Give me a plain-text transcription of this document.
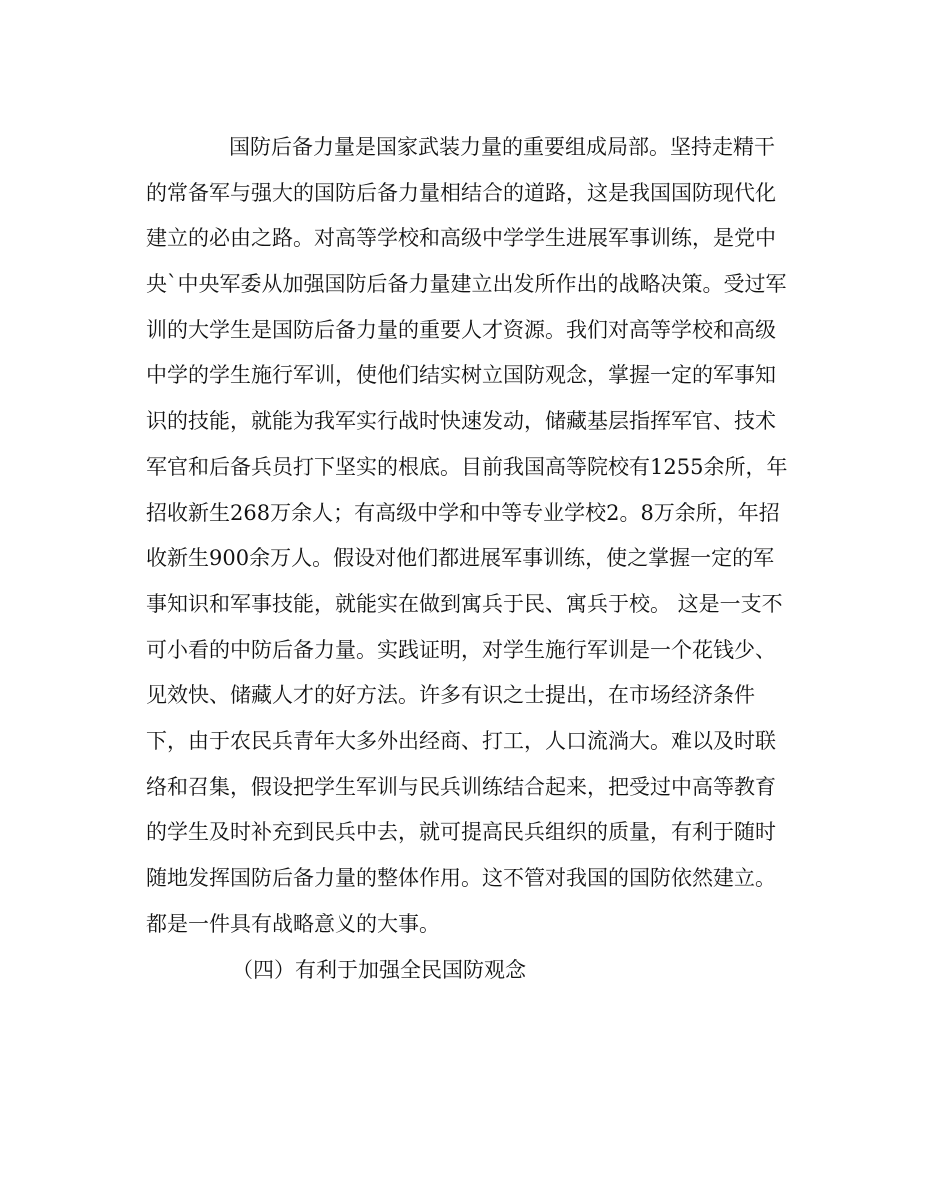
国防后备力量是国家武装力量的重要组成局部。坚持走精干
的常备军与强大的国防后备力量相结合的道路，这是我国国防现代化
建立的必由之路。对高等学校和高级中学学生进展军事训练，是党中
央`中央军委从加强国防后备力量建立出发所作出的战略决策。受过军
训的大学生是国防后备力量的重要人才资源。我们对高等学校和高级
中学的学生施行军训，使他们结实树立国防观念，掌握一定的军事知
识的技能，就能为我军实行战时快速发动，储藏基层指挥军官、技术
军官和后备兵员打下坚实的根底。目前我国高等院校有1255余所，年
招收新生268万余人；有高级中学和中等专业学校2。8万余所，年招
收新生900余万人。假设对他们都进展军事训练，使之掌握一定的军
事知识和军事技能，就能实在做到寓兵于民、寓兵于校。 这是一支不
可小看的中防后备力量。实践证明，对学生施行军训是一个花钱少、
见效快、储藏人才的好方法。许多有识之士提出，在市场经济条件
下，由于农民兵青年大多外出经商、打工，人口流淌大。难以及时联
络和召集，假设把学生军训与民兵训练结合起来，把受过中高等教育
的学生及时补充到民兵中去，就可提高民兵组织的质量，有利于随时
随地发挥国防后备力量的整体作用。这不管对我国的国防依然建立。
都是一件具有战略意义的大事。
（四）有利于加强全民国防观念
